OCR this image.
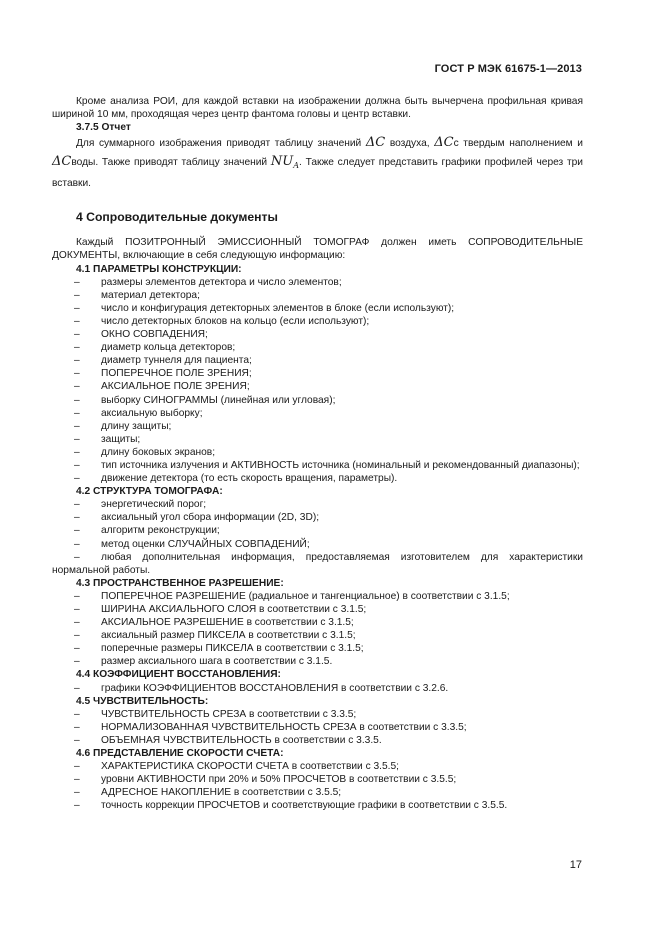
ГОСТ Р МЭК 61675-1—2013

Кроме анализа РОИ, для каждой вставки на изображении должна быть вычерчена профильная кривая шириной 10 мм, проходящая через центр фантома головы и центр вставки.

3.7.5 Отчет

Для суммарного изображения приводят таблицу значений ΔC воздуха, ΔCс твердым наполнением и ΔCводы. Также приводят таблицу значений $NU_A$. Также следует представить графики профилей через три вставки.

4 Сопроводительные документы

Каждый ПОЗИТРОННЫЙ ЭМИССИОННЫЙ ТОМОГРАФ должен иметь СОПРОВОДИТЕЛЬНЫЕ ДОКУМЕНТЫ, включающие в себя следующую информацию:

4.1 ПАРАМЕТРЫ КОНСТРУКЦИИ:

– размеры элементов детектора и число элементов;
– материал детектора;
– число и конфигурация детекторных элементов в блоке (если используют);
– число детекторных блоков на кольцо (если используют);
– ОКНО СОВПАДЕНИЯ;
– диаметр кольца детекторов;
– диаметр туннеля для пациента;
– ПОПЕРЕЧНОЕ ПОЛЕ ЗРЕНИЯ;
– АКСИАЛЬНОЕ ПОЛЕ ЗРЕНИЯ;
– выборку СИНОГРАММЫ (линейная или угловая);
– аксиальную выборку;
– длину защиты;
– защиты;
– длину боковых экранов;
– тип источника излучения и АКТИВНОСТЬ источника (номинальный и рекомендованный диапазоны);
– движение детектора (то есть скорость вращения, параметры).

4.2 СТРУКТУРА ТОМОГРАФА:

– энергетический порог;
– аксиальный угол сбора информации (2D, 3D);
– алгоритм реконструкции;
– метод оценки СЛУЧАЙНЫХ СОВПАДЕНИЙ;
– любая дополнительная информация, предоставляемая изготовителем для характеристики нормальной работы.

4.3 ПРОСТРАНСТВЕННОЕ РАЗРЕШЕНИЕ:

– ПОПЕРЕЧНОЕ РАЗРЕШЕНИЕ (радиальное и тангенциальное) в соответствии с 3.1.5;
– ШИРИНА АКСИАЛЬНОГО СЛОЯ в соответствии с 3.1.5;
– АКСИАЛЬНОЕ РАЗРЕШЕНИЕ в соответствии с 3.1.5;
– аксиальный размер ПИКСЕЛА в соответствии с 3.1.5;
– поперечные размеры ПИКСЕЛА в соответствии с 3.1.5;
– размер аксиального шага в соответствии с 3.1.5.

4.4 КОЭФФИЦИЕНТ ВОССТАНОВЛЕНИЯ:

– графики КОЭФФИЦИЕНТОВ ВОССТАНОВЛЕНИЯ в соответствии с 3.2.6.

4.5 ЧУВСТВИТЕЛЬНОСТЬ:

– ЧУВСТВИТЕЛЬНОСТЬ СРЕЗА в соответствии с 3.3.5;
– НОРМАЛИЗОВАННАЯ ЧУВСТВИТЕЛЬНОСТЬ СРЕЗА в соответствии с 3.3.5;
– ОБЪЕМНАЯ ЧУВСТВИТЕЛЬНОСТЬ в соответствии с 3.3.5.

4.6 ПРЕДСТАВЛЕНИЕ СКОРОСТИ СЧЕТА:

– ХАРАКТЕРИСТИКА СКОРОСТИ СЧЕТА в соответствии с 3.5.5;
– уровни АКТИВНОСТИ при 20% и 50% ПРОСЧЕТОВ в соответствии с 3.5.5;
– АДРЕСНОЕ НАКОПЛЕНИЕ в соответствии с 3.5.5;
– точность коррекции ПРОСЧЕТОВ и соответствующие графики в соответствии с 3.5.5.
17
